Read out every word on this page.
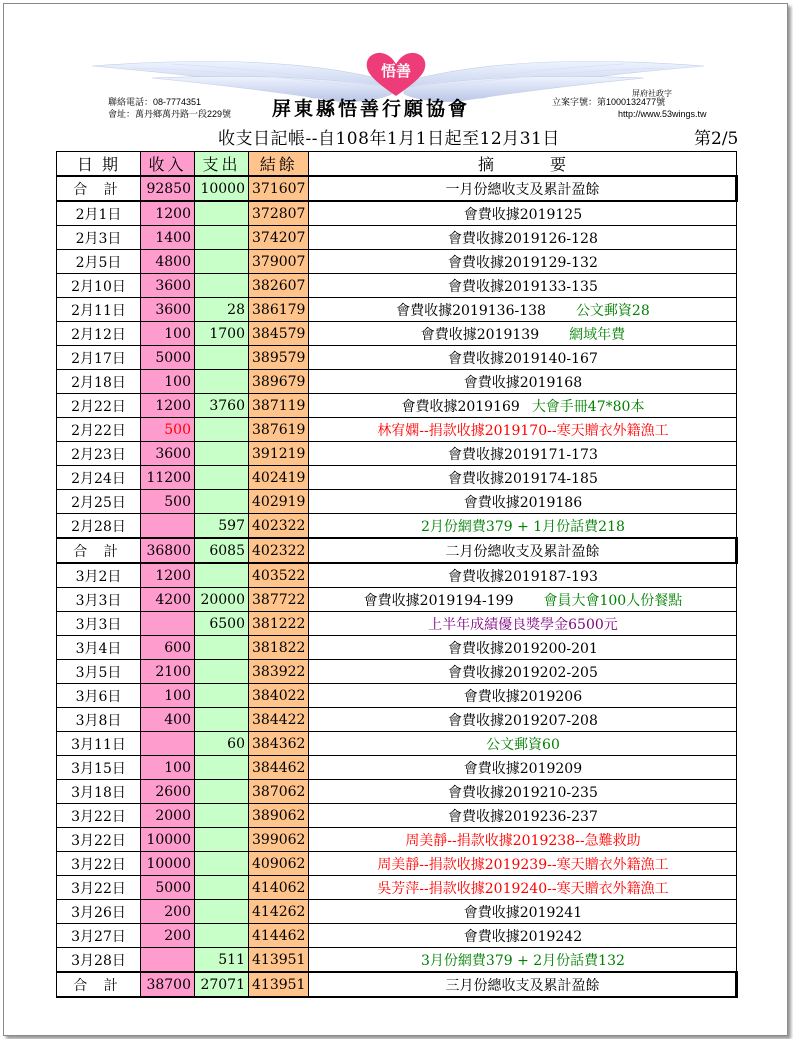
悟善
聯絡電話：08-7774351
會址：萬丹鄉萬丹路一段229號 屏東縣悟善行願協會
屏府社政字
立案字號：第1000132477號
http://www.53wings.tw
收支日記帳--自108年1月1日起至12月31日	第2/5
日 期	收入	支出	結餘	摘　　　要
合 計	92850	10000	371607	一月份總收支及累計盈餘
2月1日	1200		372807	會費收據2019125
2月3日	1400		374207	會費收據2019126-128
2月5日	4800		379007	會費收據2019129-132
2月10日	3600		382607	會費收據2019133-135
2月11日	3600	28	386179	會費收據2019136-138 公文郵資28
2月12日	100	1700	384579	會費收據2019139 網域年費
2月17日	5000		389579	會費收據2019140-167
2月18日	100		389679	會費收據2019168
2月22日	1200	3760	387119	會費收據2019169 大會手冊47*80本
2月22日	500		387619	林宥嫻--捐款收據2019170--寒天贈衣外籍漁工
2月23日	3600		391219	會費收據2019171-173
2月24日	11200		402419	會費收據2019174-185
2月25日	500		402919	會費收據2019186
2月28日		597	402322	2月份網費379 + 1月份話費218
合 計	36800	6085	402322	二月份總收支及累計盈餘
3月2日	1200		403522	會費收據2019187-193
3月3日	4200	20000	387722	會費收據2019194-199 會員大會100人份餐點
3月3日		6500	381222	上半年成績優良獎學金6500元
3月4日	600		381822	會費收據2019200-201
3月5日	2100		383922	會費收據2019202-205
3月6日	100		384022	會費收據2019206
3月8日	400		384422	會費收據2019207-208
3月11日		60	384362	公文郵資60
3月15日	100		384462	會費收據2019209
3月18日	2600		387062	會費收據2019210-235
3月22日	2000		389062	會費收據2019236-237
3月22日	10000		399062	周美靜--捐款收據2019238--急難救助
3月22日	10000		409062	周美靜--捐款收據2019239--寒天贈衣外籍漁工
3月22日	5000		414062	吳芳萍--捐款收據2019240--寒天贈衣外籍漁工
3月26日	200		414262	會費收據2019241
3月27日	200		414462	會費收據2019242
3月28日		511	413951	3月份網費379 + 2月份話費132
合 計	38700	27071	413951	三月份總收支及累計盈餘
